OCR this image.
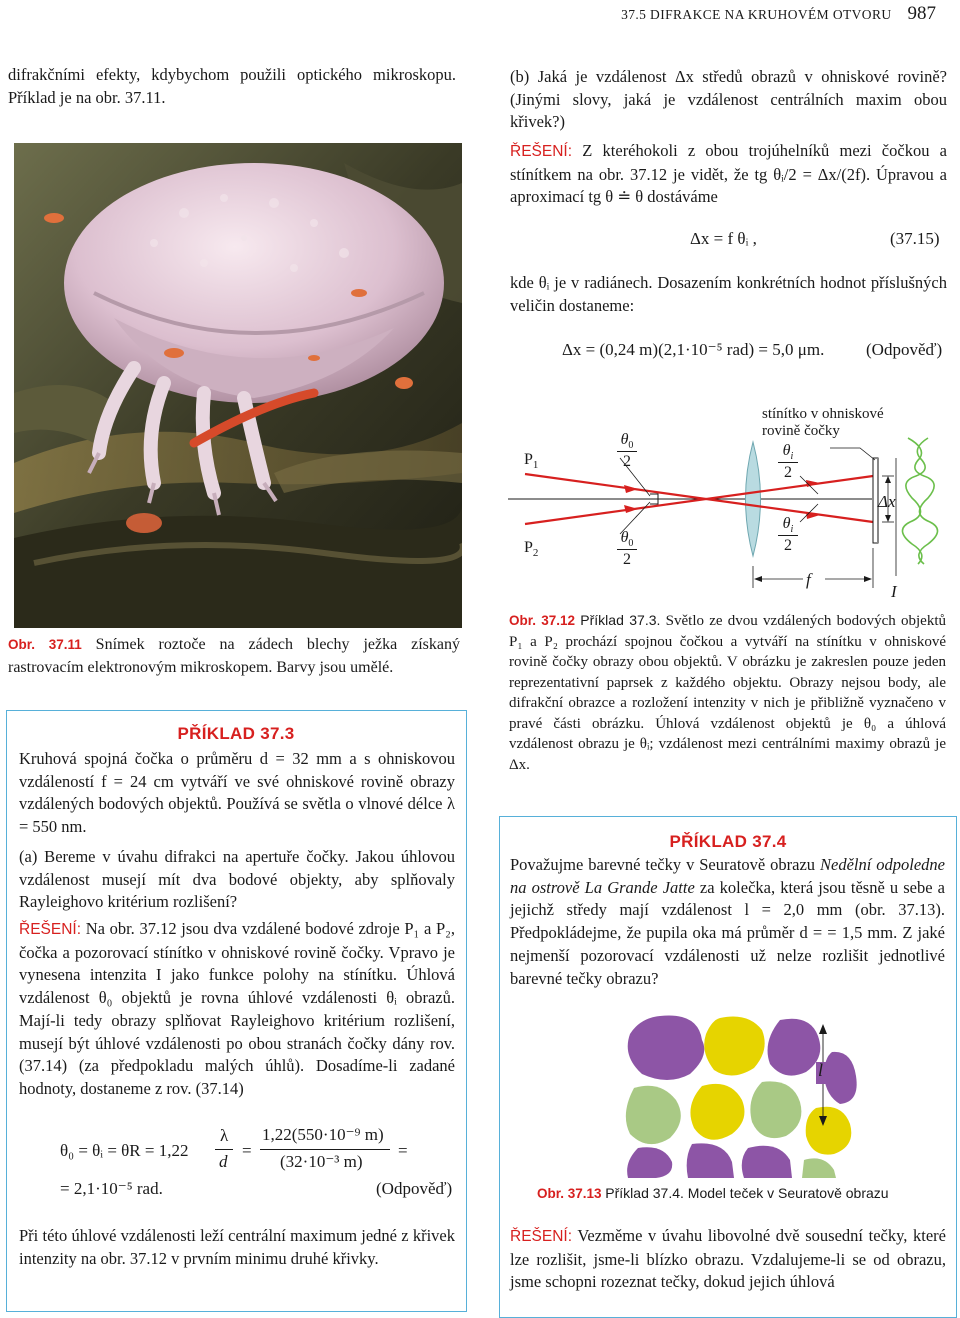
37.5 DIFRAKCE NA KRUHOVÉM OTVORU 987
difrakčními efekty, kdybychom použili optického mikroskopu. Příklad je na obr. 37.11.
Obr. 37.11 Snímek roztoče na zádech blechy ježka získaný rastrovacím elektronovým mikroskopem. Barvy jsou umělé.
PŘÍKLAD 37.3
Kruhová spojná čočka o průměru d = 32 mm a s ohniskovou vzdáleností f = 24 cm vytváří ve své ohniskové rovině obrazy vzdálených bodových objektů. Používá se světla o vlnové délce λ = 550 nm.
(a) Bereme v úvahu difrakci na apertuře čočky. Jakou úhlovou vzdálenost musejí mít dva bodové objekty, aby splňovaly Rayleighovo kritérium rozlišení?
ŘEŠENÍ: Na obr. 37.12 jsou dva vzdálené bodové zdroje P₁ a P₂, čočka a pozorovací stínítko v ohniskové rovině čočky. Vpravo je vynesena intenzita I jako funkce polohy na stínítku. Úhlová vzdálenost θ₀ objektů je rovna úhlové vzdálenosti θᵢ obrazů. Mají-li tedy obrazy splňovat Rayleighovo kritérium rozlišení, musejí být úhlové vzdálenosti po obou stranách čočky dány rov. (37.14) (za předpokladu malých úhlů). Dosadíme-li zadané hodnoty, dostaneme z rov. (37.14)
θ₀ = θᵢ = θR = 1,22
λ
d
=
1,22(550·10⁻⁹ m)
(32·10⁻³ m)
=
= 2,1·10⁻⁵ rad.	(Odpověď)
Při této úhlové vzdálenosti leží centrální maximum jedné z křivek intenzity na obr. 37.12 v prvním minimu druhé křivky.
(b) Jaká je vzdálenost Δx středů obrazů v ohniskové rovině? (Jinými slovy, jaká je vzdálenost centrálních maxim obou křivek?)
ŘEŠENÍ: Z kteréhokoli z obou trojúhelníků mezi čočkou a stínítkem na obr. 37.12 je vidět, že tg θᵢ/2 = Δx/(2f). Úpravou a aproximací tg θ ≐ θ dostáváme
Δx = f θᵢ ,	(37.15)
kde θᵢ je v radiánech. Dosazením konkrétních hodnot příslušných veličin dostaneme:
Δx = (0,24 m)(2,1·10⁻⁵ rad) = 5,0 μm. (Odpověď)
stínítko v ohniskové
rovině čočky
$P_1$
$P_2$
$\theta_0$
2
$\theta_0$
2
$\theta_i$
2
$\theta_i$
2
Δx
f
I
Obr. 37.12 Příklad 37.3. Světlo ze dvou vzdálených bodových objektů P₁ a P₂ prochází spojnou čočkou a vytváří na stínítku v ohniskové rovině čočky obrazy obou objektů. V obrázku je zakreslen pouze jeden reprezentativní paprsek z každého objektu. Obrazy nejsou body, ale difrakční obrazce a rozložení intenzity v nich je přibližně vyznačeno v pravé části obrázku. Úhlová vzdálenost objektů je θ₀ a úhlová vzdálenost obrazu je θᵢ; vzdálenost mezi centrálními maximy obrazů je Δx.
PŘÍKLAD 37.4
Považujme barevné tečky v Seuratově obrazu Nedělní odpoledne na ostrově La Grande Jatte za kolečka, která jsou těsně u sebe a jejichž středy mají vzdálenost l = 2,0 mm (obr. 37.13). Předpokládejme, že pupila oka má průměr d = = 1,5 mm. Z jaké nejmenší pozorovací vzdálenosti už nelze rozlišit jednotlivé barevné tečky obrazu?
l
Obr. 37.13 Příklad 37.4. Model teček v Seuratově obrazu
ŘEŠENÍ: Vezměme v úvahu libovolné dvě sousední tečky, které lze rozlišit, jsme-li blízko obrazu. Vzdalujeme-li se od obrazu, jsme schopni rozeznat tečky, dokud jejich úhlová
